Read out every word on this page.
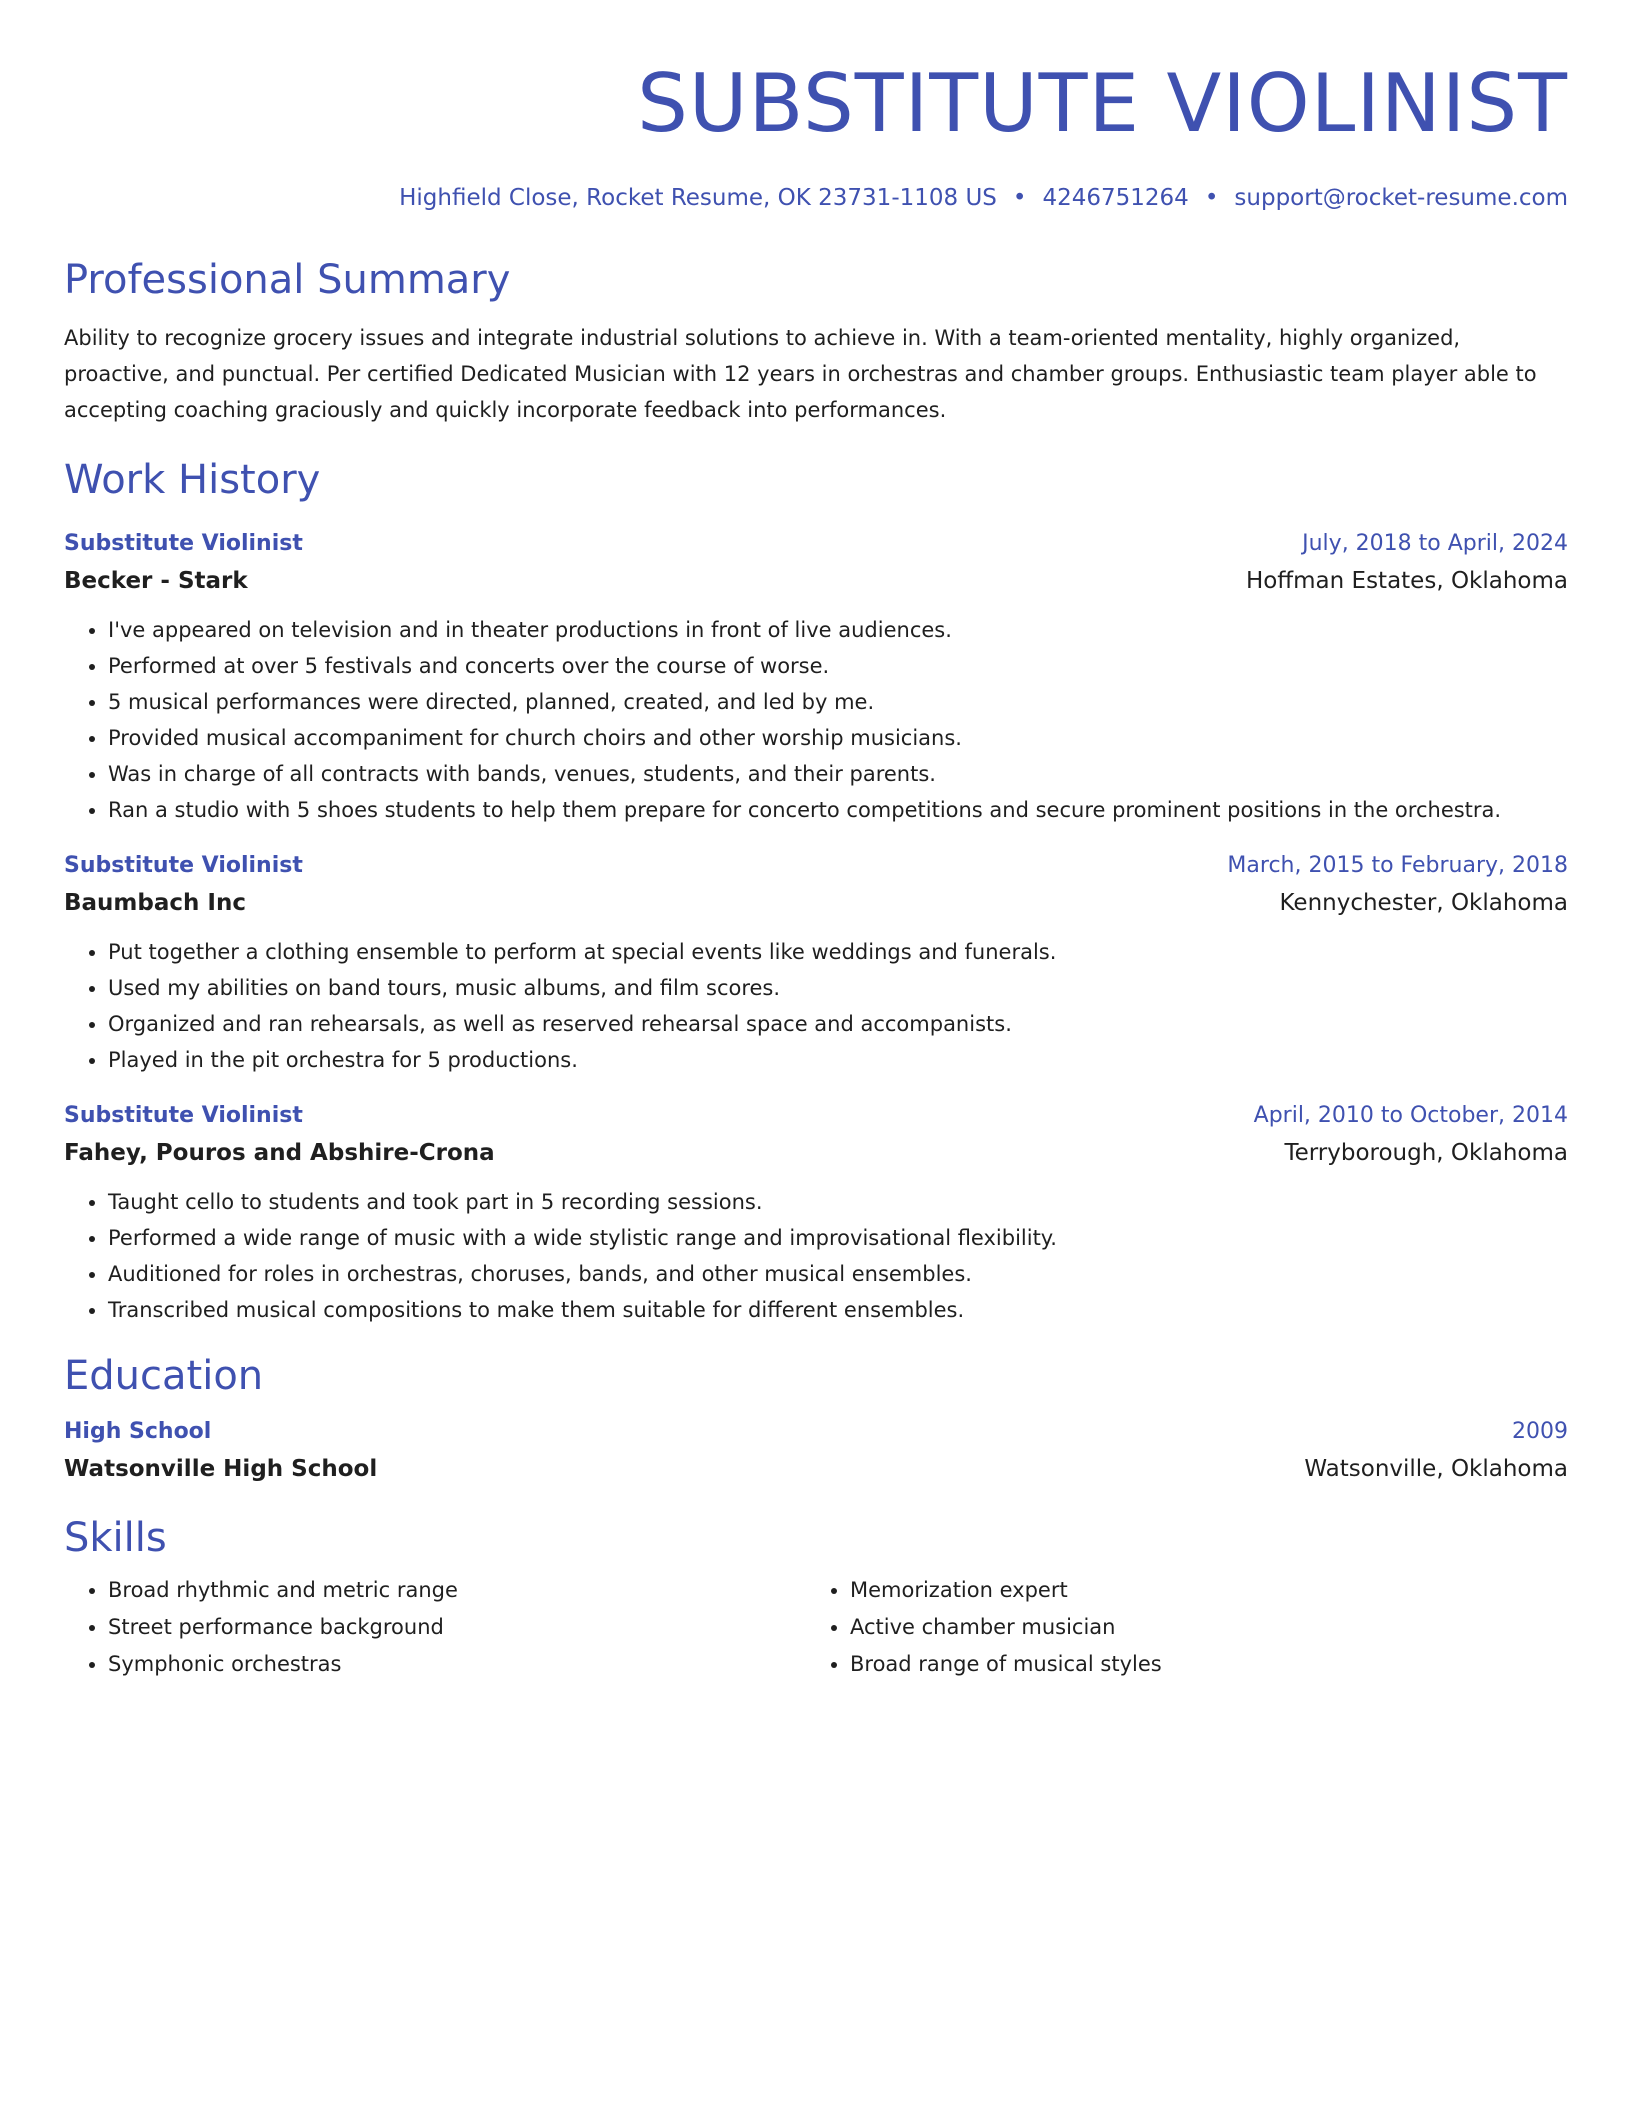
SUBSTITUTE VIOLINIST
Highfield Close, Rocket Resume, OK 23731-1108 US • 4246751264 • support@rocket-resume.com
Professional Summary
Ability to recognize grocery issues and integrate industrial solutions to achieve in. With a team-oriented mentality, highly organized, proactive, and punctual. Per certified Dedicated Musician with 12 years in orchestras and chamber groups. Enthusiastic team player able to accepting coaching graciously and quickly incorporate feedback into performances.
Work History
Substitute Violinist	July, 2018 to April, 2024
Becker - Stark	Hoffman Estates, Oklahoma
• I've appeared on television and in theater productions in front of live audiences.
• Performed at over 5 festivals and concerts over the course of worse.
• 5 musical performances were directed, planned, created, and led by me.
• Provided musical accompaniment for church choirs and other worship musicians.
• Was in charge of all contracts with bands, venues, students, and their parents.
• Ran a studio with 5 shoes students to help them prepare for concerto competitions and secure prominent positions in the orchestra.
Substitute Violinist	March, 2015 to February, 2018
Baumbach Inc	Kennychester, Oklahoma
• Put together a clothing ensemble to perform at special events like weddings and funerals.
• Used my abilities on band tours, music albums, and film scores.
• Organized and ran rehearsals, as well as reserved rehearsal space and accompanists.
• Played in the pit orchestra for 5 productions.
Substitute Violinist	April, 2010 to October, 2014
Fahey, Pouros and Abshire-Crona	Terryborough, Oklahoma
• Taught cello to students and took part in 5 recording sessions.
• Performed a wide range of music with a wide stylistic range and improvisational flexibility.
• Auditioned for roles in orchestras, choruses, bands, and other musical ensembles.
• Transcribed musical compositions to make them suitable for different ensembles.
Education
High School	2009
Watsonville High School	Watsonville, Oklahoma
Skills
• Broad rhythmic and metric range
• Street performance background
• Symphonic orchestras
• Memorization expert
• Active chamber musician
• Broad range of musical styles
